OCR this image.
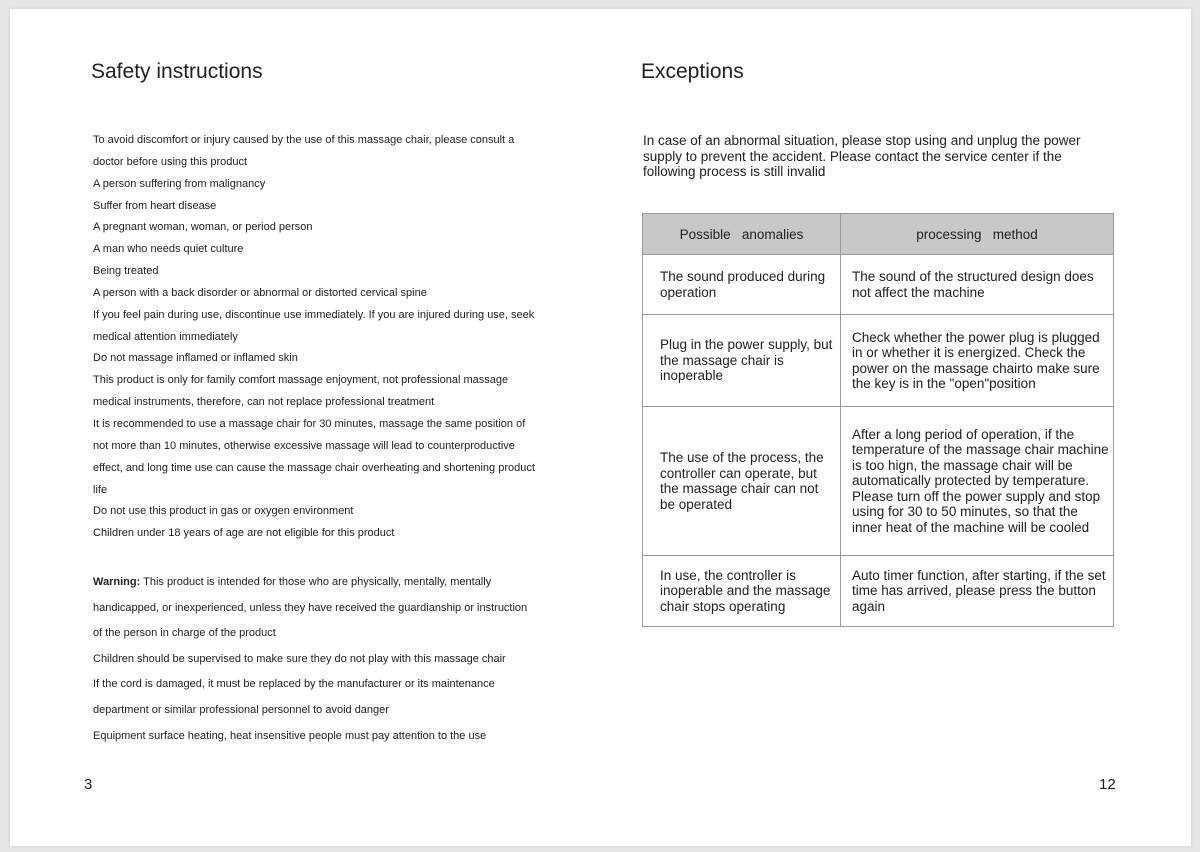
Safety instructions
To avoid discomfort or injury caused by the use of this massage chair, please consult a
doctor before using this product
A person suffering from malignancy
Suffer from heart disease
A pregnant woman, woman, or period person
A man who needs quiet culture
Being treated
A person with a back disorder or abnormal or distorted cervical spine
If you feel pain during use, discontinue use immediately. If you are injured during use, seek
medical attention immediately
Do not massage inflamed or inflamed skin
This product is only for family comfort massage enjoyment, not professional massage
medical instruments, therefore, can not replace professional treatment
It is recommended to use a massage chair for 30 minutes, massage the same position of
not more than 10 minutes, otherwise excessive massage will lead to counterproductive
effect, and long time use can cause the massage chair overheating and shortening product
life
Do not use this product in gas or oxygen environment
Children under 18 years of age are not eligible for this product
Warning: This product is intended for those who are physically, mentally, mentally
handicapped, or inexperienced, unless they have received the guardianship or instruction
of the person in charge of the product
Children should be supervised to make sure they do not play with this massage chair
If the cord is damaged, it must be replaced by the manufacturer or its maintenance
department or similar professional personnel to avoid danger
Equipment surface heating, heat insensitive people must pay attention to the use
3
Exceptions

In case of an abnormal situation, please stop using and unplug the power supply to prevent the accident. Please contact the service center if the following process is still invalid

Possible   anomalies	processing   method
The sound produced during operation	The sound of the structured design does not affect the machine
Plug in the power supply, but the massage chair is inoperable	Check whether the power plug is plugged in or whether it is energized. Check the power on the massage chairto make sure the key is in the "open"position
The use of the process, the controller can operate, but the massage chair can not be operated	After a long period of operation, if the temperature of the massage chair machine is too hign, the massage chair will be automatically protected by temperature. Please turn off the power supply and stop using for 30 to 50 minutes, so that the inner heat of the machine will be cooled
In use, the controller is inoperable and the massage chair stops operating	Auto timer function, after starting, if the set time has arrived, please press the button again
12
